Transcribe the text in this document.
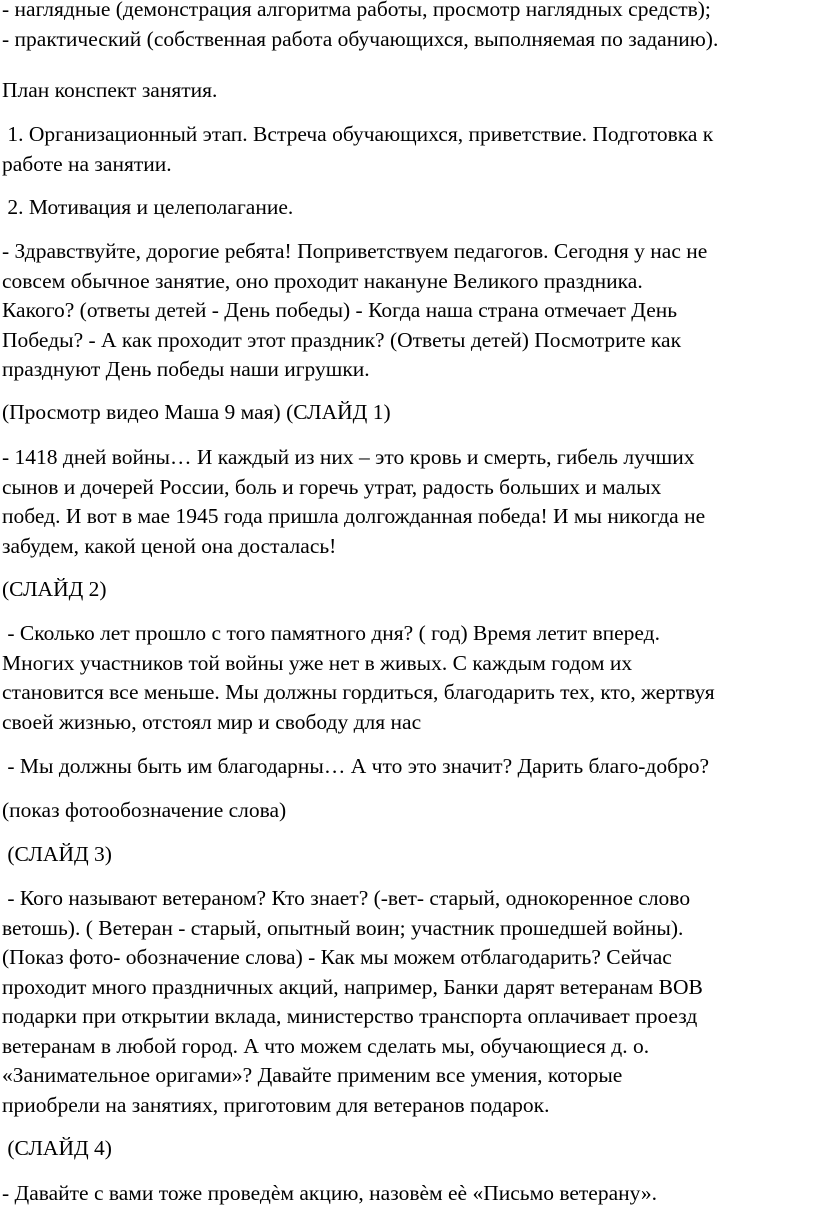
- наглядные (демонстрация алгоритма работы, просмотр наглядных средств);
- практический (собственная работа обучающихся, выполняемая по заданию).
План конспект занятия.
1. Организационный этап. Встреча обучающихся, приветствие. Подготовка к
работе на занятии.
2. Мотивация и целеполагание.
- Здравствуйте, дорогие ребята! Поприветствуем педагогов. Сегодня у нас не
совсем обычное занятие, оно проходит накануне Великого праздника.
Какого? (ответы детей - День победы) - Когда наша страна отмечает День
Победы? - А как проходит этот праздник? (Ответы детей) Посмотрите как
празднуют День победы наши игрушки.
(Просмотр видео Маша 9 мая) (СЛАЙД 1)
- 1418 дней войны… И каждый из них – это кровь и смерть, гибель лучших
сынов и дочерей России, боль и горечь утрат, радость больших и малых
побед. И вот в мае 1945 года пришла долгожданная победа! И мы никогда не
забудем, какой ценой она досталась!
(СЛАЙД 2)
- Сколько лет прошло с того памятного дня? ( год) Время летит вперед.
Многих участников той войны уже нет в живых. С каждым годом их
становится все меньше. Мы должны гордиться, благодарить тех, кто, жертвуя
своей жизнью, отстоял мир и свободу для нас
- Мы должны быть им благодарны… А что это значит? Дарить благо-добро?
(показ фотообозначение слова)
(СЛАЙД 3)
- Кого называют ветераном? Кто знает? (-вет- старый, однокоренное слово
ветошь). ( Ветеран - старый, опытный воин; участник прошедшей войны).
(Показ фото- обозначение слова) - Как мы можем отблагодарить? Сейчас
проходит много праздничных акций, например, Банки дарят ветеранам ВОВ
подарки при открытии вклада, министерство транспорта оплачивает проезд
ветеранам в любой город. А что можем сделать мы, обучающиеся д. о.
«Занимательное оригами»? Давайте применим все умения, которые
приобрели на занятиях, приготовим для ветеранов подарок.
(СЛАЙД 4)
- Давайте с вами тоже проведѐм акцию, назовѐм еѐ «Письмо ветерану».
